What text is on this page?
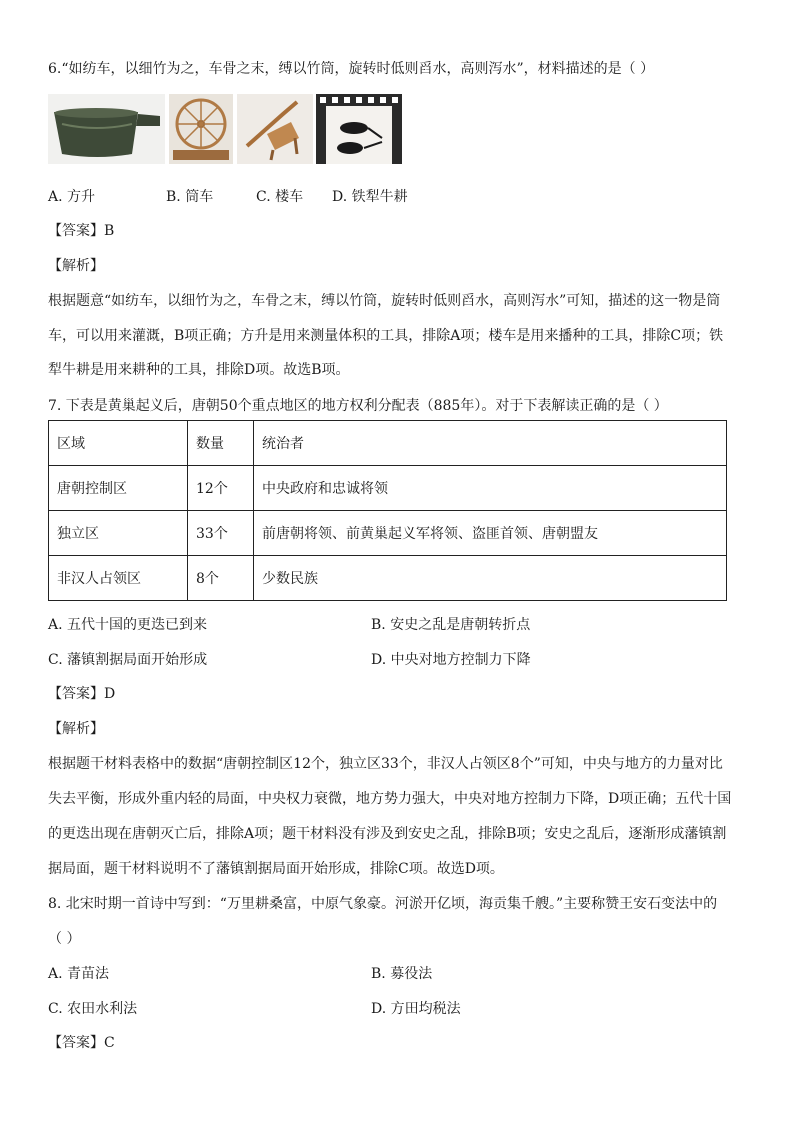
6.“如纺车，以细竹为之，车骨之末，缚以竹筒，旋转时低则舀水，高则泻水”，材料描述的是（ ）
A. 方升	B. 筒车	C. 楼车 D. 铁犁牛耕
【答案】B
【解析】
根据题意“如纺车，以细竹为之，车骨之末，缚以竹筒，旋转时低则舀水，高则泻水”可知，描述的这一物是筒
车，可以用来灌溉，B项正确；方升是用来测量体积的工具，排除A项；楼车是用来播种的工具，排除C项；铁
犁牛耕是用来耕种的工具，排除D项。故选B项。
7. 下表是黄巢起义后，唐朝50个重点地区的地方权利分配表（885年）。对于下表解读正确的是（ ）
区域	数量	统治者
唐朝控制区	12个	中央政府和忠诚将领
独立区	33个	前唐朝将领、前黄巢起义军将领、盗匪首领、唐朝盟友
非汉人占领区	8个	少数民族
A. 五代十国的更迭已到来	B. 安史之乱是唐朝转折点
C. 藩镇割据局面开始形成	D. 中央对地方控制力下降
【答案】D
【解析】
根据题干材料表格中的数据“唐朝控制区12个，独立区33个，非汉人占领区8个”可知，中央与地方的力量对比
失去平衡，形成外重内轻的局面，中央权力衰微，地方势力强大，中央对地方控制力下降，D项正确；五代十国
的更迭出现在唐朝灭亡后，排除A项；题干材料没有涉及到安史之乱，排除B项；安史之乱后，逐渐形成藩镇割
据局面，题干材料说明不了藩镇割据局面开始形成，排除C项。故选D项。
8. 北宋时期一首诗中写到：“万里耕桑富，中原气象豪。河淤开亿顷，海贡集千艘。”主要称赞王安石变法中的
（ ）
A. 青苗法	B. 募役法
C. 农田水利法	D. 方田均税法
【答案】C
